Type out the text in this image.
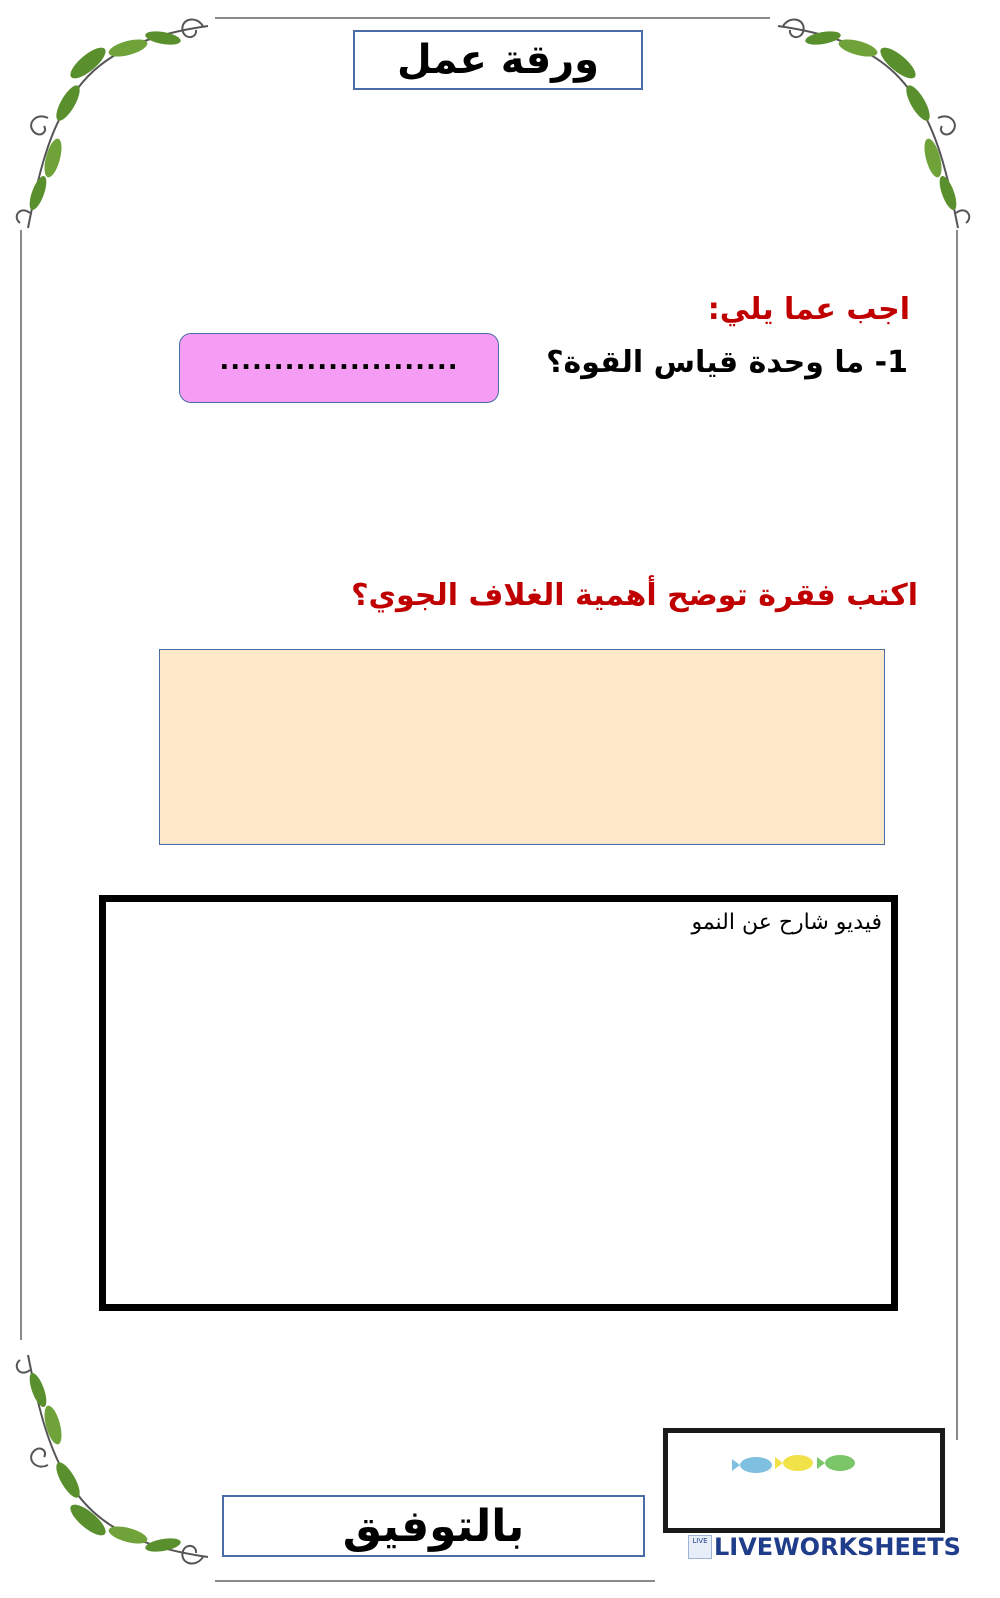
ورقة عمل
اجب عما يلي:
1- ما وحدة قياس القوة؟
......................
اكتب فقرة توضح أهمية الغلاف الجوي؟
فيديو شارح عن النمو
بالتوفيق	LIVE LIVEWORKSHEETS
